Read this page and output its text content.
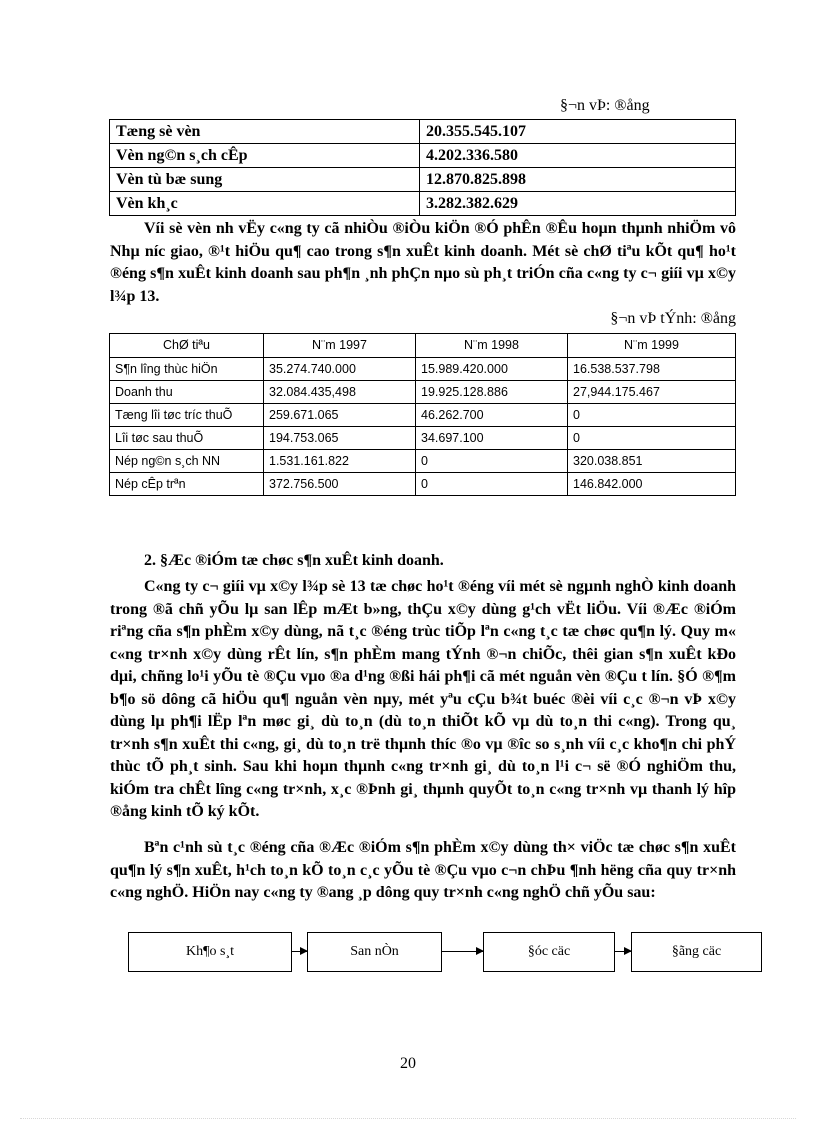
§¬n vÞ: ®ång
Tæng sè vèn	20.355.545.107
Vèn ng©n s¸ch cÊp	4.202.336.580
Vèn tù bæ sung	12.870.825.898
Vèn kh¸c	3.282.382.629

Víi sè vèn nh vËy c«ng ty cã nhiÒu ®iÒu kiÖn ®Ó phÊn ®Êu hoµn thµnh nhiÖm vô Nhµ níc giao, ®¹t hiÖu qu¶ cao trong s¶n xuÊt kinh doanh. Mét sè chØ tiªu kÕt qu¶ ho¹t ®éng s¶n xuÊt kinh doanh sau ph¶n ¸nh phÇn nµo sù ph¸t triÓn cña c«ng ty c¬ giíi vµ x©y l¾p 13.

§¬n vÞ tÝnh: ®ång
ChØ tiªu	N¨m 1997	N¨m 1998	N¨m 1999
S¶n lîng thùc hiÖn	35.274.740.000	15.989.420.000	16.538.537.798
Doanh thu	32.084.435,498	19.925.128.886	27,944.175.467
Tæng lîi tøc tríc thuÕ	259.671.065	46.262.700	0
Lîi tøc sau thuÕ	194.753.065	34.697.100	0
Nép ng©n s¸ch NN	1.531.161.822	0	320.038.851
Nép cÊp trªn	372.756.500	0	146.842.000
2. §Æc ®iÓm tæ chøc s¶n xuÊt kinh doanh.

C«ng ty c¬ giíi vµ x©y l¾p sè 13 tæ chøc ho¹t ®éng víi mét sè ngµnh nghÒ kinh doanh trong ®ã chñ yÕu lµ san lÊp mÆt b»ng, thÇu x©y dùng g¹ch vËt liÖu. Víi ®Æc ®iÓm riªng cña s¶n phÈm x©y dùng, nã t¸c ®éng trùc tiÕp lªn c«ng t¸c tæ chøc qu¶n lý. Quy m« c«ng tr×nh x©y dùng rÊt lín, s¶n phÈm mang tÝnh ®¬n chiÕc, thêi gian s¶n xuÊt kÐo dµi, chñng lo¹i yÕu tè ®Çu vµo ®a d¹ng ®ßi hái ph¶i cã mét nguån vèn ®Çu t lín. §Ó ®¶m b¶o sö dông cã hiÖu qu¶ nguån vèn nµy, mét yªu cÇu b¾t buéc ®èi víi c¸c ®¬n vÞ x©y dùng lµ ph¶i lËp lªn møc gi¸ dù to¸n (dù to¸n thiÕt kÕ vµ dù to¸n thi c«ng). Trong qu¸ tr×nh s¶n xuÊt thi c«ng, gi¸ dù to¸n trë thµnh thíc ®o vµ ®îc so s¸nh víi c¸c kho¶n chi phÝ thùc tÕ ph¸t sinh. Sau khi hoµn thµnh c«ng tr×nh gi¸ dù to¸n l¹i c¬ së ®Ó nghiÖm thu, kiÓm tra chÊt lîng c«ng tr×nh, x¸c ®Þnh gi¸ thµnh quyÕt to¸n c«ng tr×nh vµ thanh lý hîp ®ång kinh tÕ ký kÕt.

Bªn c¹nh sù t¸c ®éng cña ®Æc ®iÓm s¶n phÈm x©y dùng th× viÖc tæ chøc s¶n xuÊt qu¶n lý s¶n xuÊt, h¹ch to¸n kÕ to¸n c¸c yÕu tè ®Çu vµo c¬n chÞu ¶nh hëng cña quy tr×nh c«ng nghÖ. HiÖn nay c«ng ty ®ang ¸p dông quy tr×nh c«ng nghÖ chñ yÕu sau:

Kh¶o s¸t	San nÒn	§óc cäc	§ãng cäc
20
